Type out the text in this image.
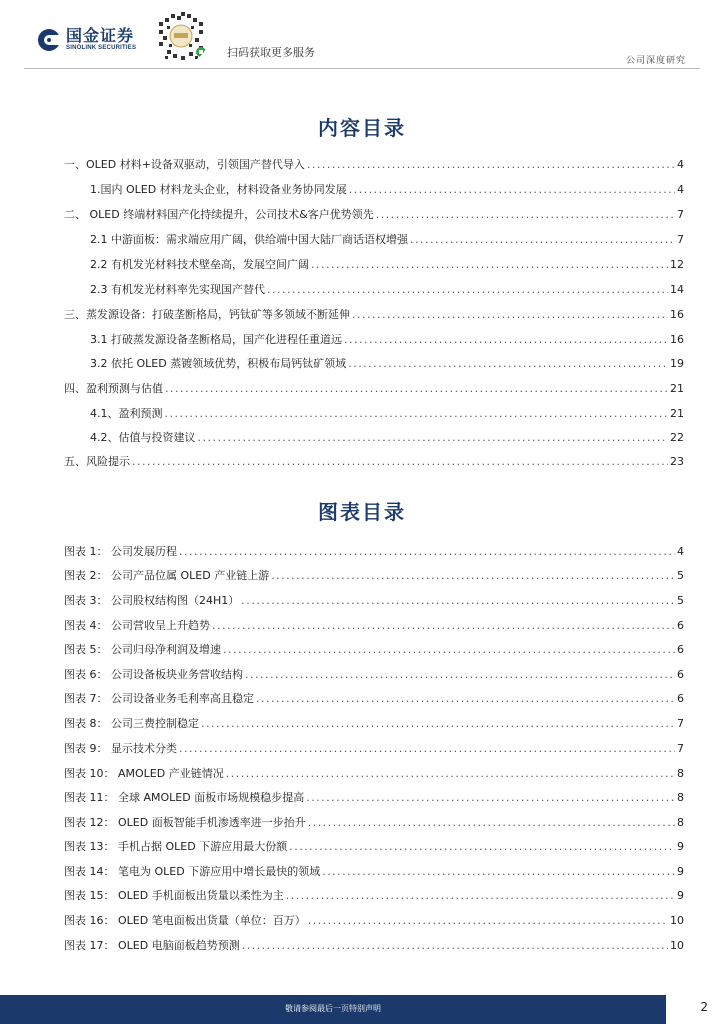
国金证券
SINOLINK SECURITIES	扫码获取更多服务
公司深度研究
内容目录
一、OLED 材料+设备双驱动，引领国产替代导入 . . .	4
1.国内 OLED 材料龙头企业，材料设备业务协同发展 . . .	4
二、 OLED 终端材料国产化持续提升，公司技术&客户优势领先 . . .	7
2.1 中游面板：需求端应用广阔，供给端中国大陆厂商话语权增强 . . .	7
2.2 有机发光材料技术壁垒高，发展空间广阔 . . .	12
2.3 有机发光材料率先实现国产替代 . . .	14
三、蒸发源设备：打破垄断格局，钙钛矿等多领域不断延伸 . . .	16
3.1 打破蒸发源设备垄断格局，国产化进程任重道远 . . .	16
3.2 依托 OLED 蒸镀领域优势，积极布局钙钛矿领域 . . .	19
四、盈利预测与估值 . . .	21
4.1、盈利预测 . . .	21
4.2、估值与投资建议 . . .	22
五、风险提示 . . .	23
图表目录
图表 1： 公司发展历程 . . .	4
图表 2： 公司产品位属 OLED 产业链上游 . . .	5
图表 3： 公司股权结构图（24H1） . . .	5
图表 4： 公司营收呈上升趋势 . . .	6
图表 5： 公司归母净利润及增速 . . .	6
图表 6： 公司设备板块业务营收结构 . . .	6
图表 7： 公司设备业务毛利率高且稳定 . . .	6
图表 8： 公司三费控制稳定 . . .	7
图表 9： 显示技术分类 . . .	7
图表 10： AMOLED 产业链情况 . . .	8
图表 11： 全球 AMOLED 面板市场规模稳步提高 . . .	8
图表 12： OLED 面板智能手机渗透率进一步抬升 . . .	8
图表 13： 手机占据 OLED 下游应用最大份额 . . .	9
图表 14： 笔电为 OLED 下游应用中增长最快的领域 . . .	9
图表 15： OLED 手机面板出货量以柔性为主 . . .	9
图表 16： OLED 笔电面板出货量（单位：百万） . . .	10
图表 17： OLED 电脑面板趋势预测 . . .	10
敬请参阅最后一页特别声明	2
